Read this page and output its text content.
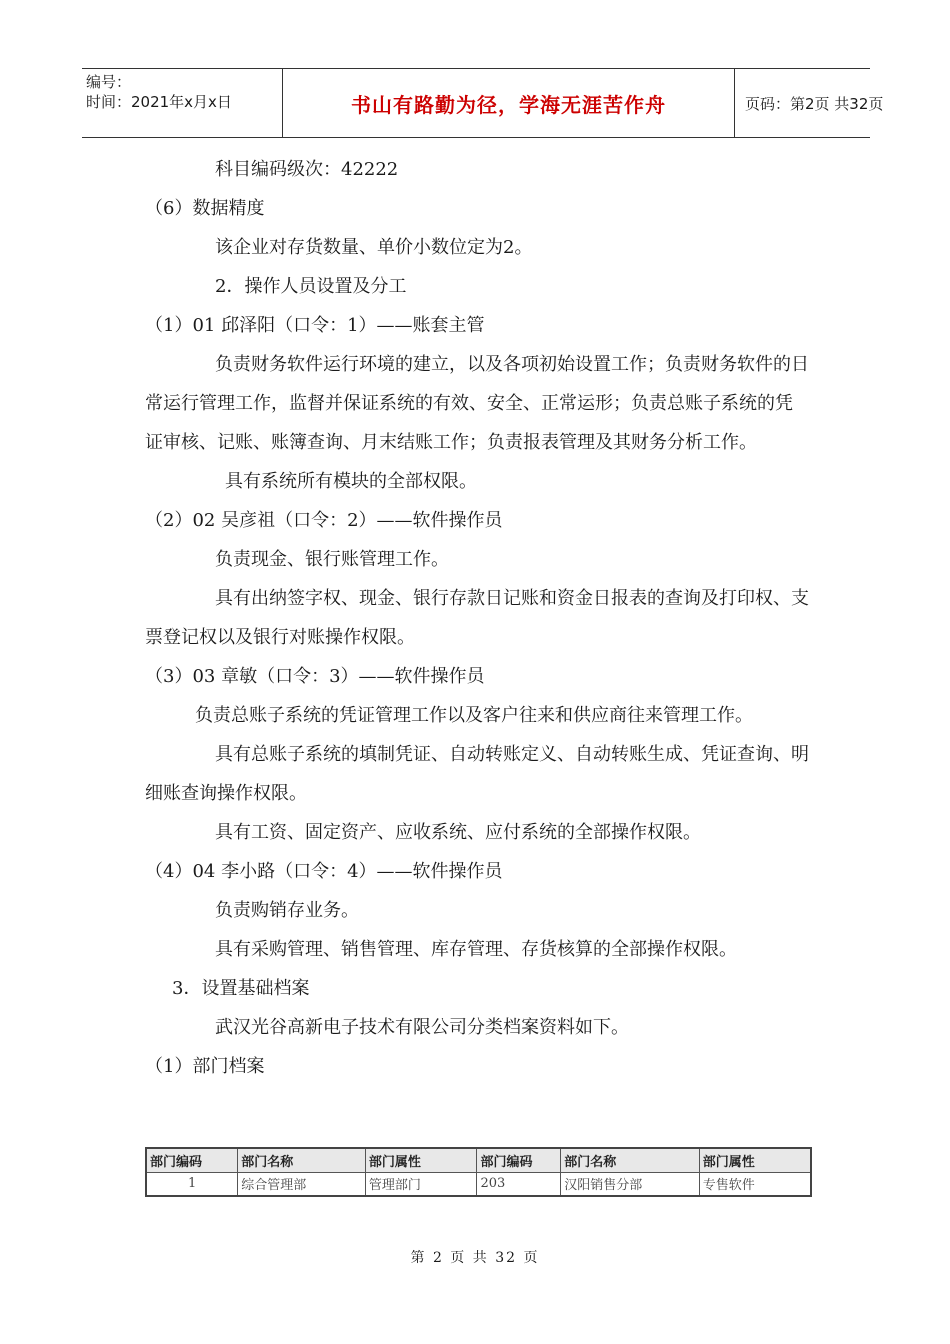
编号：
时间：2021年x月x日	书山有路勤为径，学海无涯苦作舟	页码：第2页 共32页

科目编码级次：42222

（6）数据精度

该企业对存货数量、单价小数位定为2。

2．操作人员设置及分工

（1）01 邱泽阳（口令：1）——账套主管

负责财务软件运行环境的建立，以及各项初始设置工作；负责财务软件的日常运行管理工作，监督并保证系统的有效、安全、正常运形；负责总账子系统的凭证审核、记账、账簿查询、月末结账工作；负责报表管理及其财务分析工作。

具有系统所有模块的全部权限。

（2）02 吴彦祖（口令：2）——软件操作员

负责现金、银行账管理工作。

具有出纳签字权、现金、银行存款日记账和资金日报表的查询及打印权、支票登记权以及银行对账操作权限。

（3）03 章敏（口令：3）——软件操作员

负责总账子系统的凭证管理工作以及客户往来和供应商往来管理工作。

具有总账子系统的填制凭证、自动转账定义、自动转账生成、凭证查询、明细账查询操作权限。

具有工资、固定资产、应收系统、应付系统的全部操作权限。

（4）04 李小路（口令：4）——软件操作员

负责购销存业务。

具有采购管理、销售管理、库存管理、存货核算的全部操作权限。

3．设置基础档案

武汉光谷高新电子技术有限公司分类档案资料如下。

（1）部门档案

部门编码	部门名称	部门属性	部门编码	部门名称	部门属性
1	综合管理部	管理部门	203	汉阳销售分部	专售软件
第 2 页 共 32 页
